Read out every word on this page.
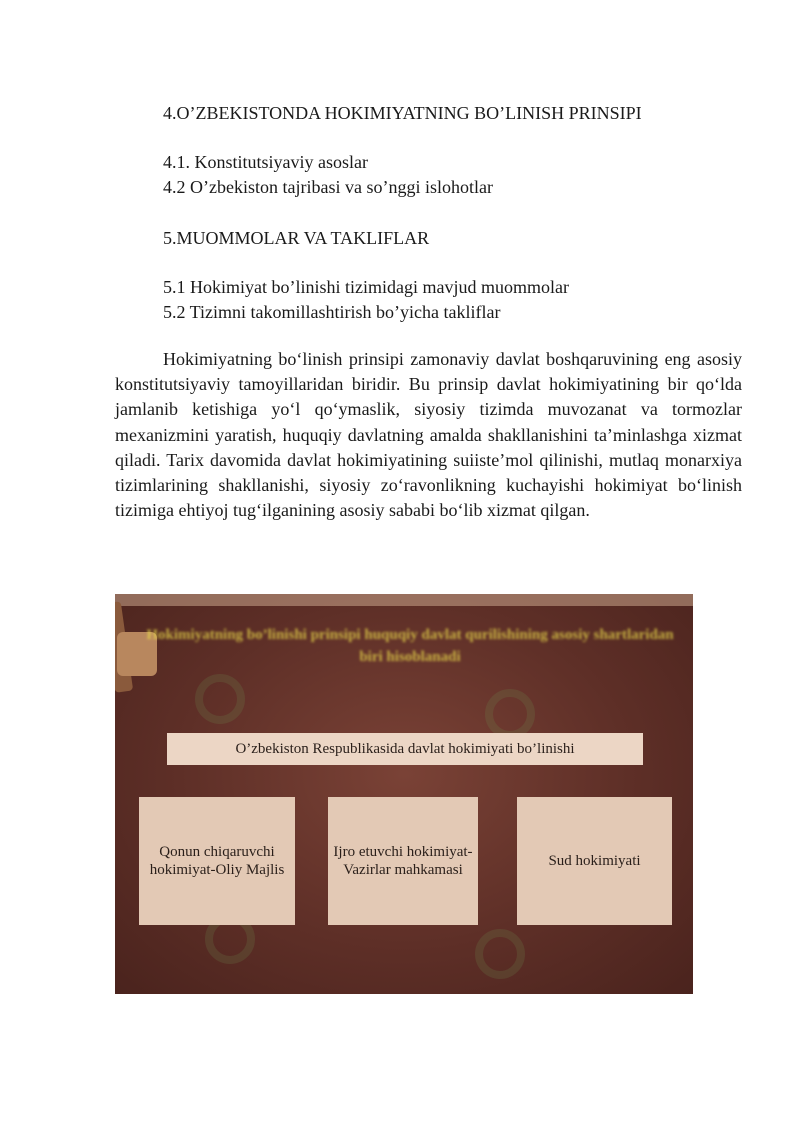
4.O’ZBEKISTONDA HOKIMIYATNING BO’LINISH PRINSIPI
4.1. Konstitutsiyaviy asoslar
4.2 O’zbekiston tajribasi va so’nggi islohotlar
5.MUOMMOLAR VA TAKLIFLAR
5.1 Hokimiyat bo’linishi tizimidagi mavjud muommolar
5.2 Tizimni takomillashtirish bo’yicha takliflar

Hokimiyatning boʻlinish prinsipi zamonaviy davlat boshqaruvining eng asosiy konstitutsiyaviy tamoyillaridan biridir. Bu prinsip davlat hokimiyatining bir qoʻlda jamlanib ketishiga yoʻl qoʻymaslik, siyosiy tizimda muvozanat va tormozlar mexanizmini yaratish, huquqiy davlatning amalda shakllanishini taʼminlashga xizmat qiladi. Tarix davomida davlat hokimiyatining suiisteʼmol qilinishi, mutlaq monarxiya tizimlarining shakllanishi, siyosiy zoʻravonlikning kuchayishi hokimiyat boʻlinish tizimiga ehtiyoj tugʻilganining asosiy sababi boʻlib xizmat qilgan.

Hokimiyatning bo’linishi prinsipi huquqiy davlat qurilishining asosiy shartlaridan biri hisoblanadi
O’zbekiston Respublikasida davlat hokimiyati bo’linishi
Qonun chiqaruvchi hokimiyat-Oliy Majlis
Ijro etuvchi hokimiyat-Vazirlar mahkamasi
Sud hokimiyati
